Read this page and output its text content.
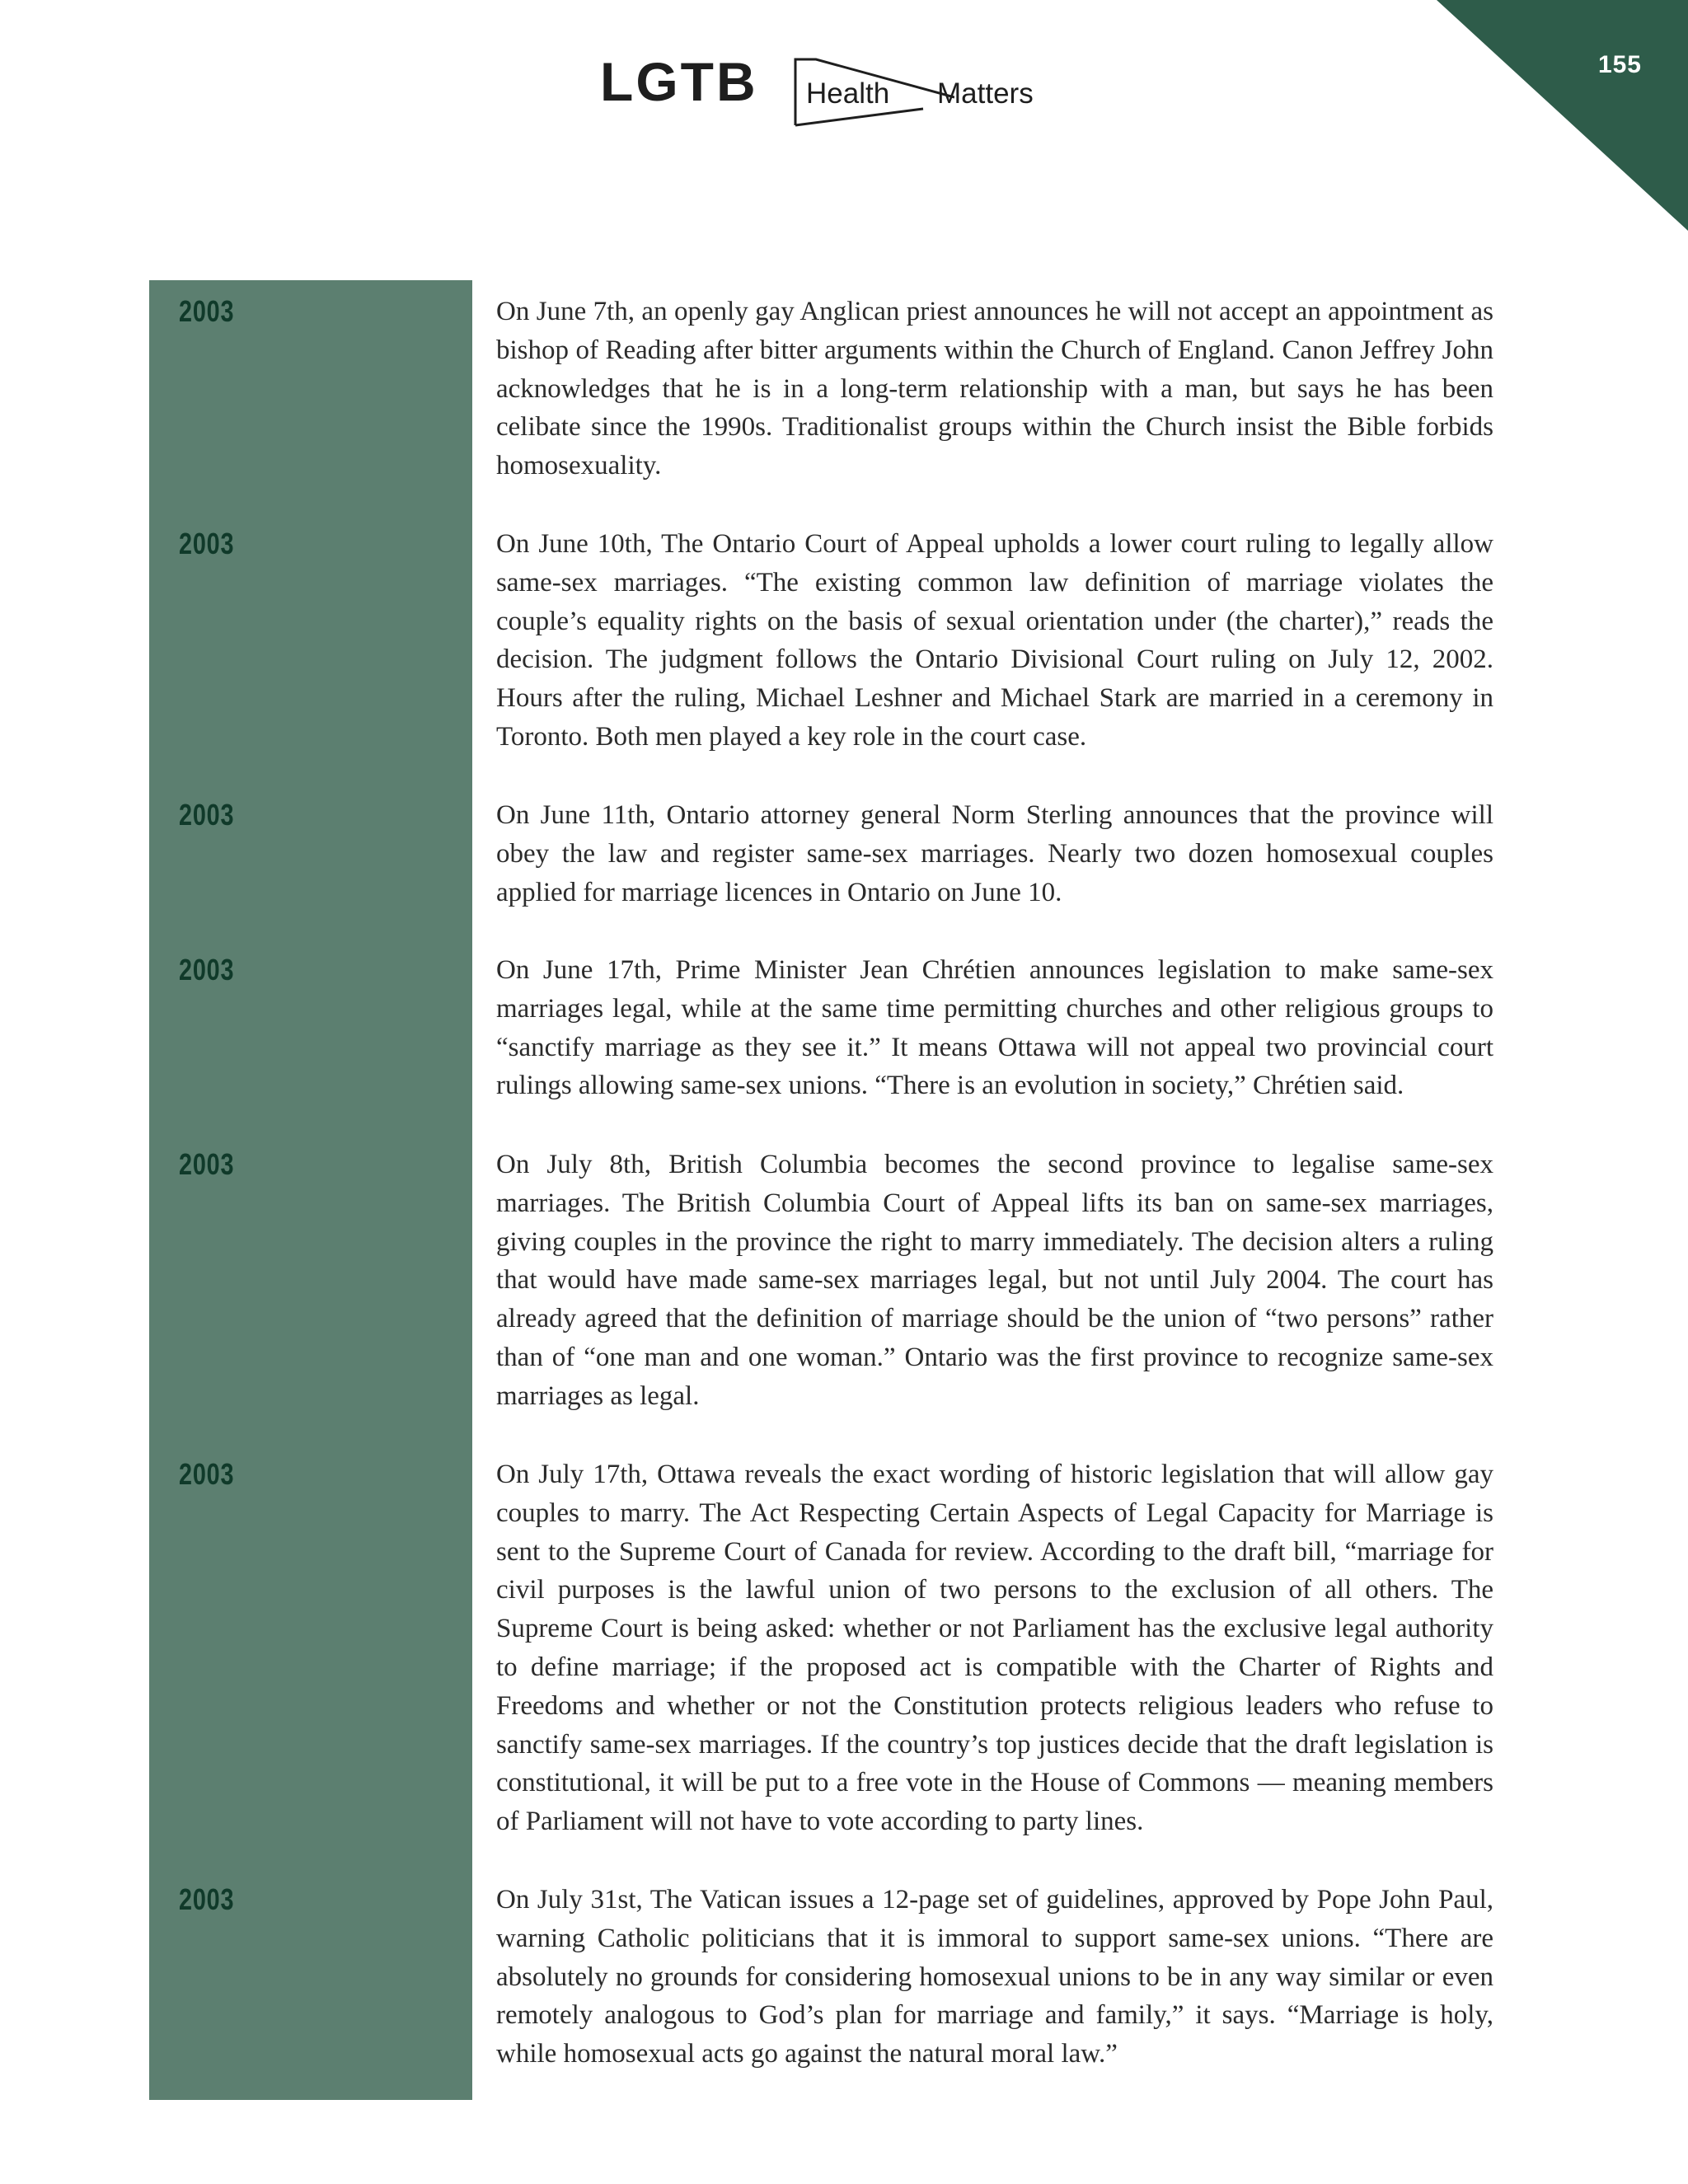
155
LGTB Health Matters
2003	On June 7th, an openly gay Anglican priest announces he will not accept an appointment as bishop of Reading after bitter arguments within the Church of England. Canon Jeffrey John acknowledges that he is in a long-term relationship with a man, but says he has been celibate since the 1990s. Traditionalist groups within the Church insist the Bible forbids homosexuality.

2003	On June 10th, The Ontario Court of Appeal upholds a lower court ruling to legally allow same-sex marriages. “The existing common law definition of marriage violates the couple’s equality rights on the basis of sexual orientation under (the charter),” reads the decision. The judgment follows the Ontario Divisional Court ruling on July 12, 2002. Hours after the ruling, Michael Leshner and Michael Stark are married in a ceremony in Toronto. Both men played a key role in the court case.

2003	On June 11th, Ontario attorney general Norm Sterling announces that the province will obey the law and register same-sex marriages. Nearly two dozen homosexual couples applied for marriage licences in Ontario on June 10.

2003	On June 17th, Prime Minister Jean Chrétien announces legislation to make same-sex marriages legal, while at the same time permitting churches and other religious groups to “sanctify marriage as they see it.” It means Ottawa will not appeal two provincial court rulings allowing same-sex unions. “There is an evolution in society,” Chrétien said.

2003	On July 8th, British Columbia becomes the second province to legalise same-sex marriages. The British Columbia Court of Appeal lifts its ban on same-sex marriages, giving couples in the province the right to marry immediately. The decision alters a ruling that would have made same-sex marriages legal, but not until July 2004. The court has already agreed that the definition of marriage should be the union of “two persons” rather than of “one man and one woman.” Ontario was the first province to recognize same-sex marriages as legal.

2003	On July 17th, Ottawa reveals the exact wording of historic legislation that will allow gay couples to marry. The Act Respecting Certain Aspects of Legal Capacity for Marriage is sent to the Supreme Court of Canada for review. According to the draft bill, “marriage for civil purposes is the lawful union of two persons to the exclusion of all others. The Supreme Court is being asked: whether or not Parliament has the exclusive legal authority to define marriage; if the proposed act is compatible with the Charter of Rights and Freedoms and whether or not the Constitution protects religious leaders who refuse to sanctify same-sex marriages. If the country’s top justices decide that the draft legislation is constitutional, it will be put to a free vote in the House of Commons — meaning members of Parliament will not have to vote according to party lines.

2003	On July 31st, The Vatican issues a 12-page set of guidelines, approved by Pope John Paul, warning Catholic politicians that it is immoral to support same-sex unions. “There are absolutely no grounds for considering homosexual unions to be in any way similar or even remotely analogous to God’s plan for marriage and family,” it says. “Marriage is holy, while homosexual acts go against the natural moral law.”
